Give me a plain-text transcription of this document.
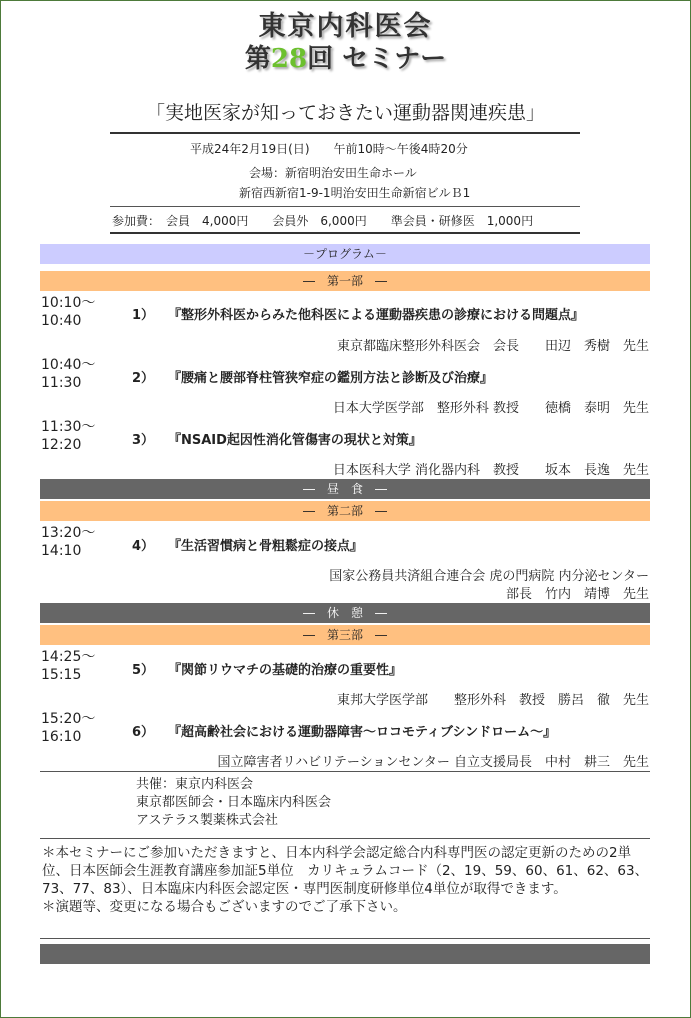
東京内科医会
第28回 セミナー
「実地医家が知っておきたい運動器関連疾患」
平成24年2月19日(日)　　午前10時〜午後4時20分
会場：新宿明治安田生命ホール
新宿西新宿1-9-1明治安田生命新宿ビルＢ1
参加費：　会員　4,000円　　会員外　6,000円　　準会員・研修医　1,000円
－プログラム－
―　第一部　―
10:10〜
10:40	1） 『整形外科医からみた他科医による運動器疾患の診療における問題点』
東京都臨床整形外科医会　会長　　田辺　秀樹　先生
10:40〜
11:30	2） 『腰痛と腰部脊柱管狭窄症の鑑別方法と診断及び治療』
日本大学医学部　整形外科 教授　　徳橋　泰明　先生
11:30〜
12:20	3） 『NSAID起因性消化管傷害の現状と対策』
日本医科大学 消化器内科　教授　　坂本　長逸　先生
―　昼　食　―
―　第二部　―
13:20〜
14:10	4） 『生活習慣病と骨粗鬆症の接点』
国家公務員共済組合連合会 虎の門病院 内分泌センター
部長　竹内　靖博　先生
―　休　憩　―
―　第三部　―
14:25〜
15:15	5） 『関節リウマチの基礎的治療の重要性』
東邦大学医学部　　整形外科　教授　勝呂　徹　先生
15:20〜
16:10	6） 『超高齢社会における運動器障害〜ロコモティブシンドローム〜』
国立障害者リハビリテーションセンター 自立支援局長　中村　耕三　先生
共催：東京内科医会
東京都医師会・日本臨床内科医会
アステラス製薬株式会社
＊本セミナーにご参加いただきますと、日本内科学会認定総合内科専門医の認定更新のための2単位、日本医師会生涯教育講座参加証5単位　カリキュラムコード（2、19、59、60、61、62、63、73、77、83）、日本臨床内科医会認定医・専門医制度研修単位4単位が取得できます。
＊演題等、変更になる場合もございますのでご了承下さい。
